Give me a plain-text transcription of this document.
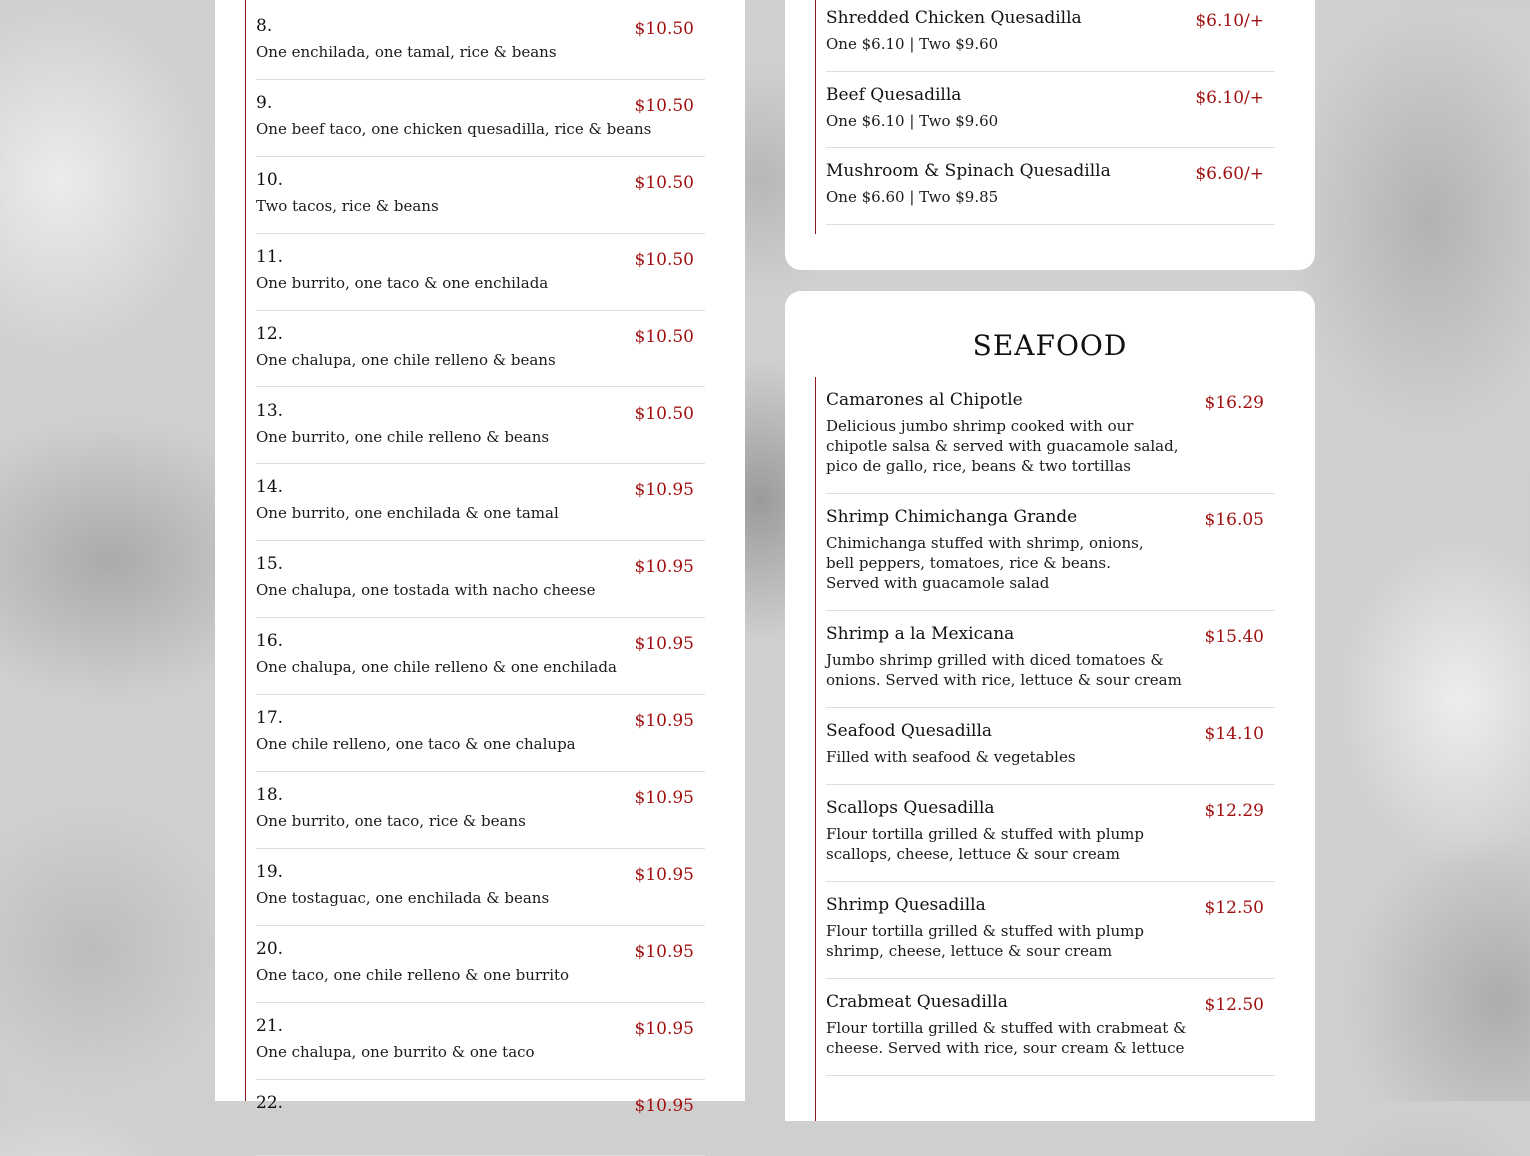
8.
One enchilada, one tamal, rice & beans
$10.50
9.
One beef taco, one chicken quesadilla, rice & beans
$10.50
10.
Two tacos, rice & beans
$10.50
11.
One burrito, one taco & one enchilada
$10.50
12.
One chalupa, one chile relleno & beans
$10.50
13.
One burrito, one chile relleno & beans
$10.50
14.
One burrito, one enchilada & one tamal
$10.95
15.
One chalupa, one tostada with nacho cheese
$10.95
16.
One chalupa, one chile relleno & one enchilada
$10.95
17.
One chile relleno, one taco & one chalupa
$10.95
18.
One burrito, one taco, rice & beans
$10.95
19.
One tostaguac, one enchilada & beans
$10.95
20.
One taco, one chile relleno & one burrito
$10.95
21.
One chalupa, one burrito & one taco
$10.95
22.	$10.95
Shredded Chicken Quesadilla
One $6.10 | Two $9.60
$6.10/+
Beef Quesadilla
One $6.10 | Two $9.60
$6.10/+
Mushroom & Spinach Quesadilla
One $6.60 | Two $9.85
$6.60/+
SEAFOOD
Camarones al Chipotle
Delicious jumbo shrimp cooked with our
chipotle salsa & served with guacamole salad,
pico de gallo, rice, beans & two tortillas
$16.29
Shrimp Chimichanga Grande
Chimichanga stuffed with shrimp, onions,
bell peppers, tomatoes, rice & beans.
Served with guacamole salad
$16.05
Shrimp a la Mexicana
Jumbo shrimp grilled with diced tomatoes &
onions. Served with rice, lettuce & sour cream
$15.40
Seafood Quesadilla
Filled with seafood & vegetables
$14.10
Scallops Quesadilla
Flour tortilla grilled & stuffed with plump
scallops, cheese, lettuce & sour cream
$12.29
Shrimp Quesadilla
Flour tortilla grilled & stuffed with plump
shrimp, cheese, lettuce & sour cream
$12.50
Crabmeat Quesadilla
Flour tortilla grilled & stuffed with crabmeat &
cheese. Served with rice, sour cream & lettuce
$12.50
